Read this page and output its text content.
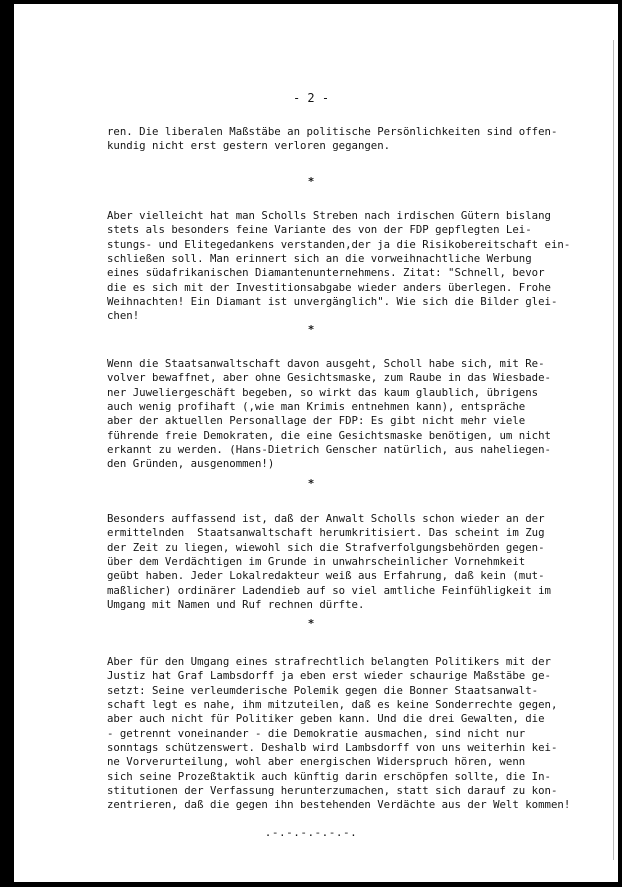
- 2 -
ren. Die liberalen Maßstäbe an politische Persönlichkeiten sind offen-
kundig nicht erst gestern verloren gegangen.
*
Aber vielleicht hat man Scholls Streben nach irdischen Gütern bislang
stets als besonders feine Variante des von der FDP gepflegten Lei-
stungs- und Elitegedankens verstanden,der ja die Risikobereitschaft ein-
schließen soll. Man erinnert sich an die vorweihnachtliche Werbung
eines südafrikanischen Diamantenunternehmens. Zitat: "Schnell, bevor
die es sich mit der Investitionsabgabe wieder anders überlegen. Frohe
Weihnachten! Ein Diamant ist unvergänglich". Wie sich die Bilder glei-
chen!
*
Wenn die Staatsanwaltschaft davon ausgeht, Scholl habe sich, mit Re-
volver bewaffnet, aber ohne Gesichtsmaske, zum Raube in das Wiesbade-
ner Juweliergeschäft begeben, so wirkt das kaum glaublich, übrigens
auch wenig profihaft (,wie man Krimis entnehmen kann), entspräche
aber der aktuellen Personallage der FDP: Es gibt nicht mehr viele
führende freie Demokraten, die eine Gesichtsmaske benötigen, um nicht
erkannt zu werden. (Hans-Dietrich Genscher natürlich, aus naheliegen-
den Gründen, ausgenommen!)
*
Besonders auffassend ist, daß der Anwalt Scholls schon wieder an der
ermittelnden  Staatsanwaltschaft herumkritisiert. Das scheint im Zug
der Zeit zu liegen, wiewohl sich die Strafverfolgungsbehörden gegen-
über dem Verdächtigen im Grunde in unwahrscheinlicher Vornehmkeit
geübt haben. Jeder Lokalredakteur weiß aus Erfahrung, daß kein (mut-
maßlicher) ordinärer Ladendieb auf so viel amtliche Feinfühligkeit im
Umgang mit Namen und Ruf rechnen dürfte.
*
Aber für den Umgang eines strafrechtlich belangten Politikers mit der
Justiz hat Graf Lambsdorff ja eben erst wieder schaurige Maßstäbe ge-
setzt: Seine verleumderische Polemik gegen die Bonner Staatsanwalt-
schaft legt es nahe, ihm mitzuteilen, daß es keine Sonderrechte gegen,
aber auch nicht für Politiker geben kann. Und die drei Gewalten, die
- getrennt voneinander - die Demokratie ausmachen, sind nicht nur
sonntags schützenswert. Deshalb wird Lambsdorff von uns weiterhin kei-
ne Vorverurteilung, wohl aber energischen Widerspruch hören, wenn
sich seine Prozeßtaktik auch künftig darin erschöpfen sollte, die In-
stitutionen der Verfassung herunterzumachen, statt sich darauf zu kon-
zentrieren, daß die gegen ihn bestehenden Verdächte aus der Welt kommen!
.-.-.-.-.-.-.
